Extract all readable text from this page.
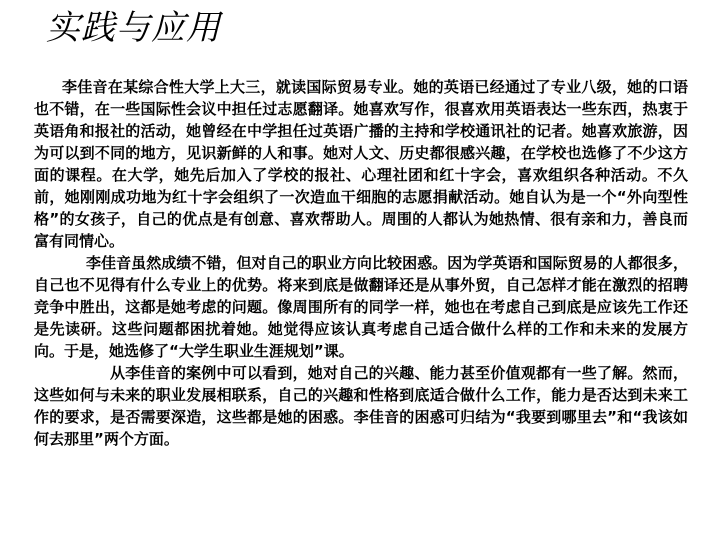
实践与应用

李佳音在某综合性大学上大三，就读国际贸易专业。她的英语已经通过了专业八级，她的口语也不错，在一些国际性会议中担任过志愿翻译。她喜欢写作，很喜欢用英语表达一些东西，热衷于英语角和报社的活动，她曾经在中学担任过英语广播的主持和学校通讯社的记者。她喜欢旅游，因为可以到不同的地方，见识新鲜的人和事。她对人文、历史都很感兴趣，在学校也选修了不少这方面的课程。在大学，她先后加入了学校的报社、心理社团和红十字会，喜欢组织各种活动。不久前，她刚刚成功地为红十字会组织了一次造血干细胞的志愿捐献活动。她自认为是一个“外向型性格”的女孩子，自己的优点是有创意、喜欢帮助人。周围的人都认为她热情、很有亲和力，善良而富有同情心。

李佳音虽然成绩不错，但对自己的职业方向比较困惑。因为学英语和国际贸易的人都很多，自己也不见得有什么专业上的优势。将来到底是做翻译还是从事外贸，自己怎样才能在激烈的招聘竞争中胜出，这都是她考虑的问题。像周围所有的同学一样，她也在考虑自己到底是应该先工作还是先读研。这些问题都困扰着她。她觉得应该认真考虑自己适合做什么样的工作和未来的发展方向。于是，她选修了“大学生职业生涯规划”课。

从李佳音的案例中可以看到，她对自己的兴趣、能力甚至价值观都有一些了解。然而，这些如何与未来的职业发展相联系，自己的兴趣和性格到底适合做什么工作，能力是否达到未来工作的要求，是否需要深造，这些都是她的困惑。李佳音的困惑可归结为“我要到哪里去”和“我该如何去那里”两个方面。
